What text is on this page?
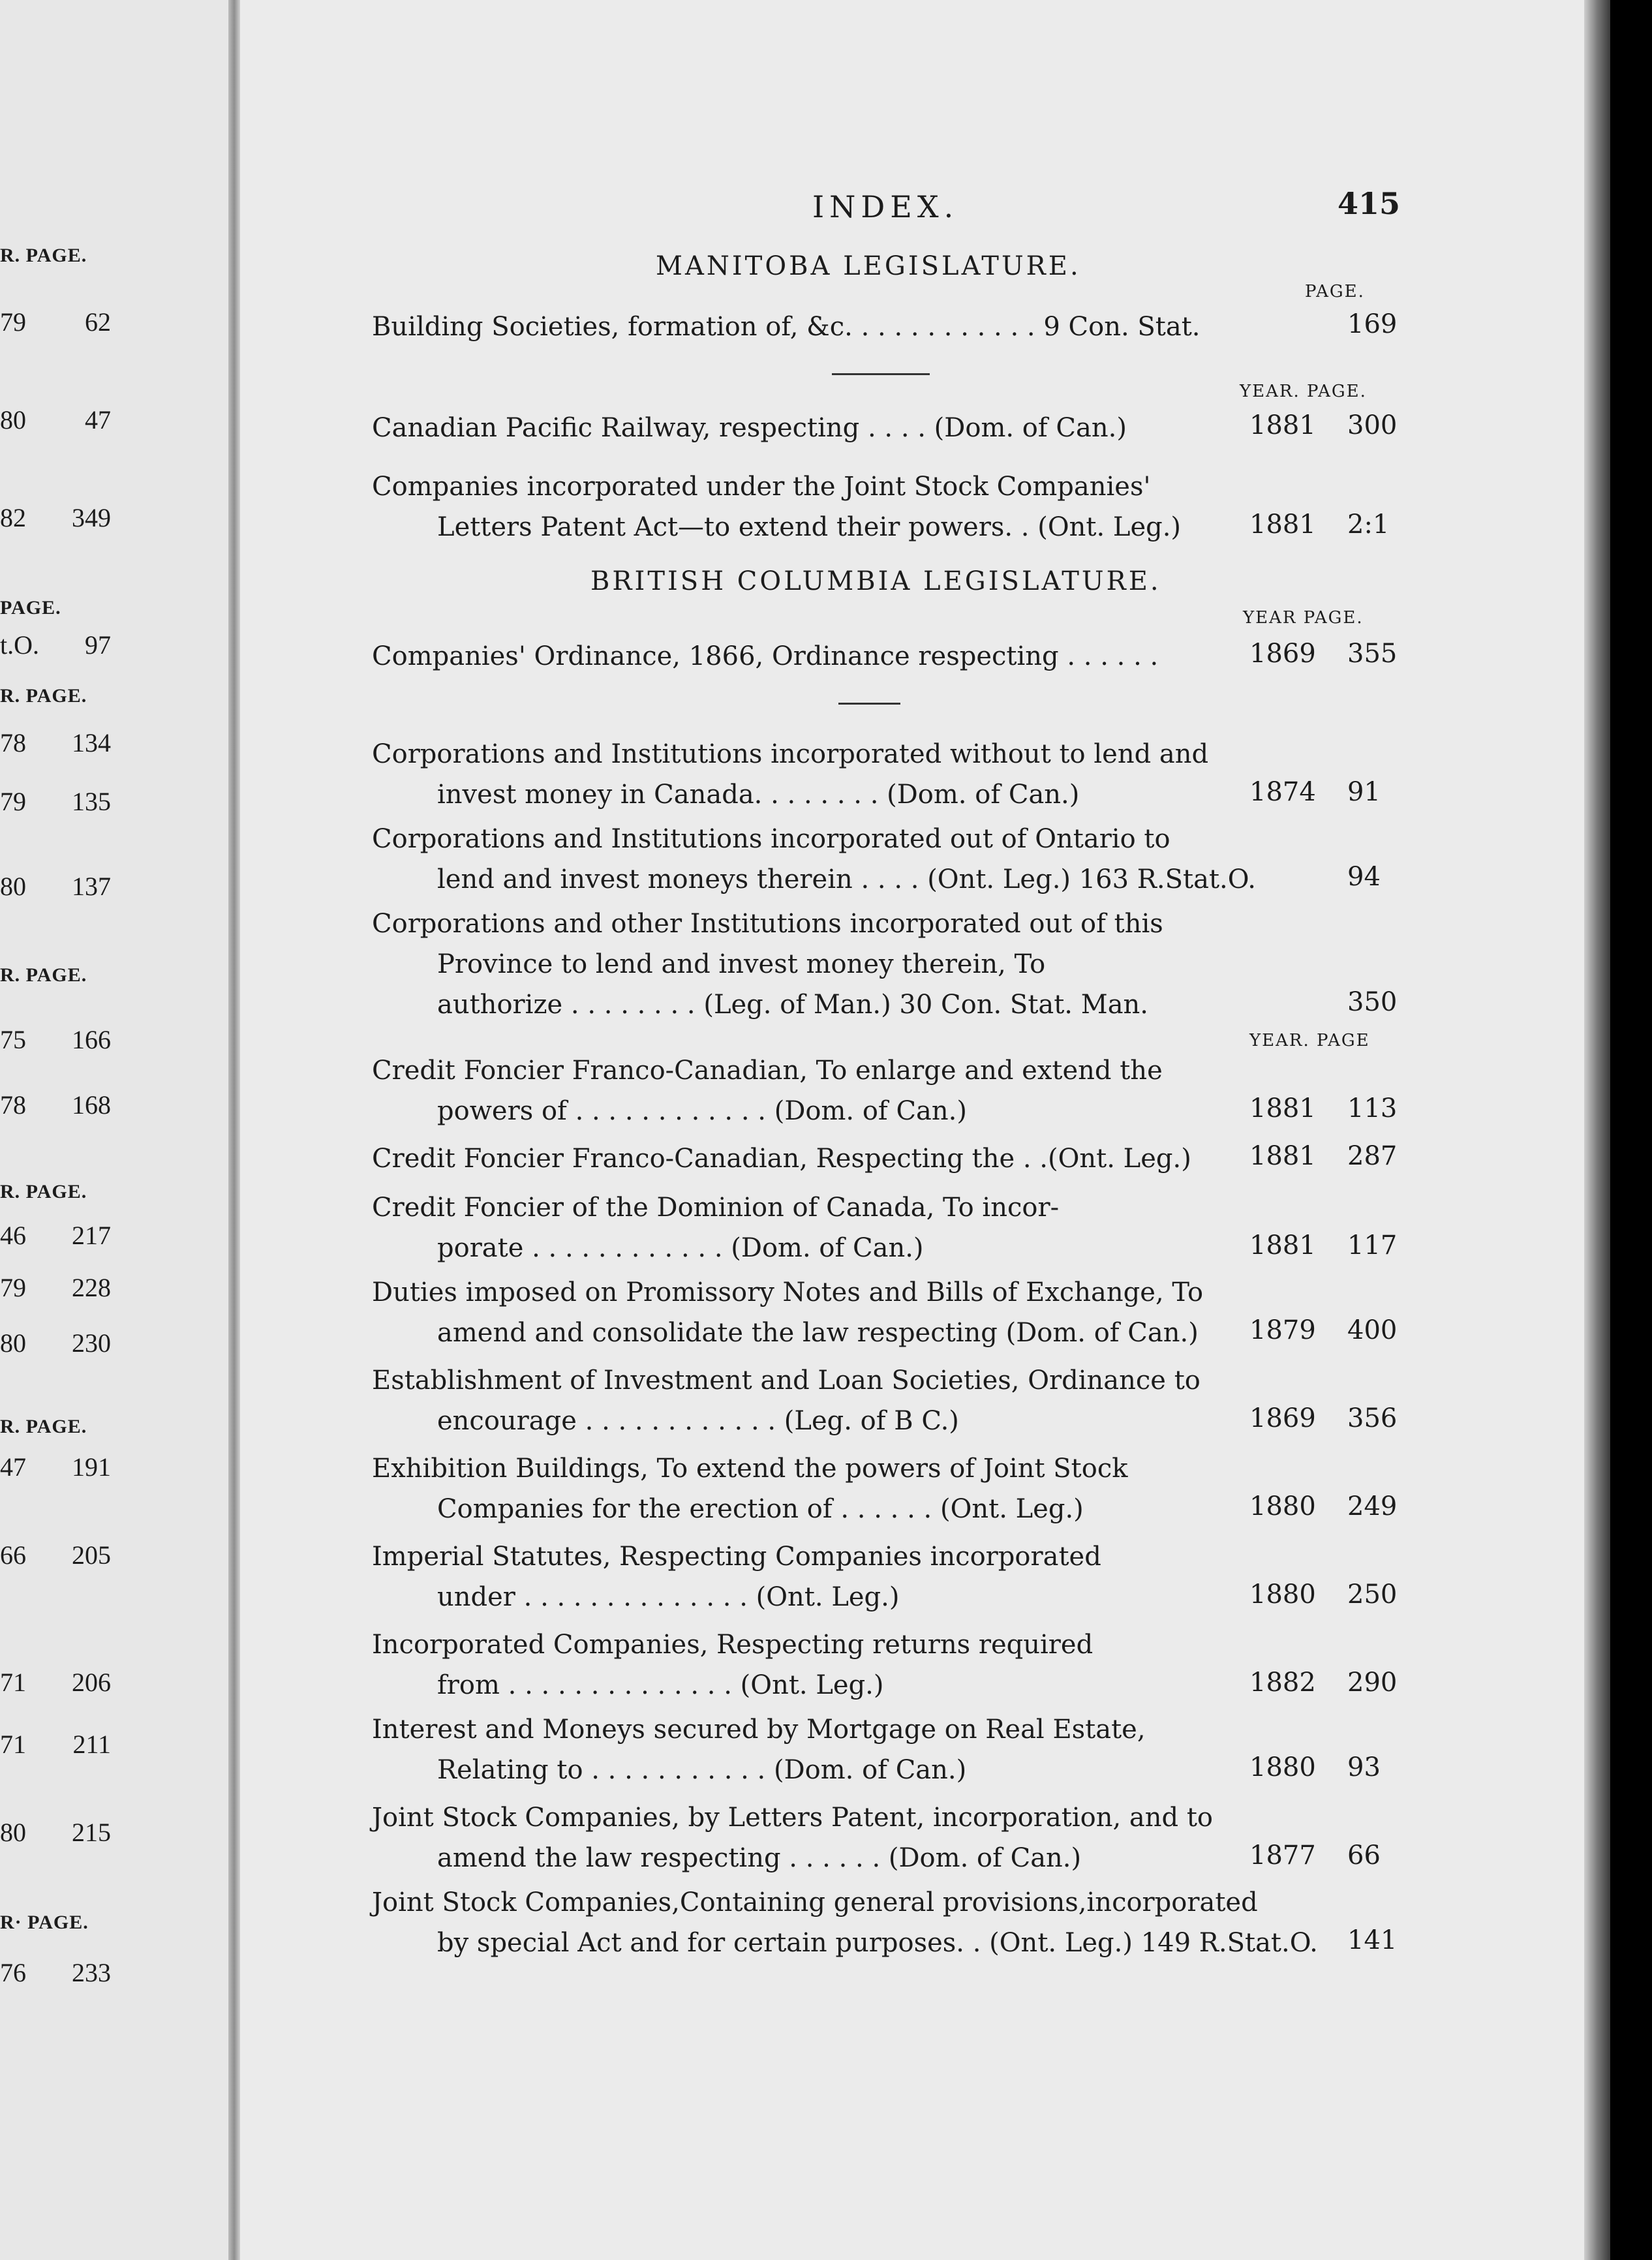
R. PAGE.
79 62
80 47
82 349
PAGE.
t.O. 97
R. PAGE.
78 134
79 135
80 137
R. PAGE.
75 166
78 168
R. PAGE.
46 217
79 228
80 230
R. PAGE.
47 191
66 205
71 206
71 211
80 215
R· PAGE.
76 233
INDEX.	415
MANITOBA LEGISLATURE.
PAGE.
YEAR. PAGE.
BRITISH COLUMBIA LEGISLATURE.
YEAR PAGE.
YEAR. PAGE
Building Societies, formation of, &c. . . . . . . . . . . . 9 Con. Stat.
Canadian Pacific Railway, respecting . . . . (Dom. of Can.)
Companies incorporated under the Joint Stock Companies'
Letters Patent Act—to extend their powers. . (Ont. Leg.)
Companies' Ordinance, 1866, Ordinance respecting . . . . . .
Corporations and Institutions incorporated without to lend and
invest money in Canada. . . . . . . . (Dom. of Can.)
Corporations and Institutions incorporated out of Ontario to
lend and invest moneys therein . . . . (Ont. Leg.) 163 R.Stat.O.
Corporations and other Institutions incorporated out of this
Province to lend and invest money therein, To
authorize . . . . . . . . (Leg. of Man.) 30 Con. Stat. Man.
Credit Foncier Franco-Canadian, To enlarge and extend the
powers of . . . . . . . . . . . . (Dom. of Can.)
Credit Foncier Franco-Canadian, Respecting the . .(Ont. Leg.)
Credit Foncier of the Dominion of Canada, To incor-
porate . . . . . . . . . . . . (Dom. of Can.)
Duties imposed on Promissory Notes and Bills of Exchange, To
amend and consolidate the law respecting (Dom. of Can.)
Establishment of Investment and Loan Societies, Ordinance to
encourage . . . . . . . . . . . . (Leg. of B C.)
Exhibition Buildings, To extend the powers of Joint Stock
Companies for the erection of . . . . . . (Ont. Leg.)
Imperial Statutes, Respecting Companies incorporated
under . . . . . . . . . . . . . . (Ont. Leg.)
Incorporated Companies, Respecting returns required
from . . . . . . . . . . . . . . (Ont. Leg.)
Interest and Moneys secured by Mortgage on Real Estate,
Relating to . . . . . . . . . . . (Dom. of Can.)
Joint Stock Companies, by Letters Patent, incorporation, and to
amend the law respecting . . . . . . (Dom. of Can.)
Joint Stock Companies,Containing general provisions,incorporated
by special Act and for certain purposes. . (Ont. Leg.) 149 R.Stat.O.
169
1881 300
1881 2:1
1869 355
1874 91
94
350
1881 113
1881 287
1881 117
1879 400
1869 356
1880 249
1880 250
1882 290
1880 93
1877 66
141
